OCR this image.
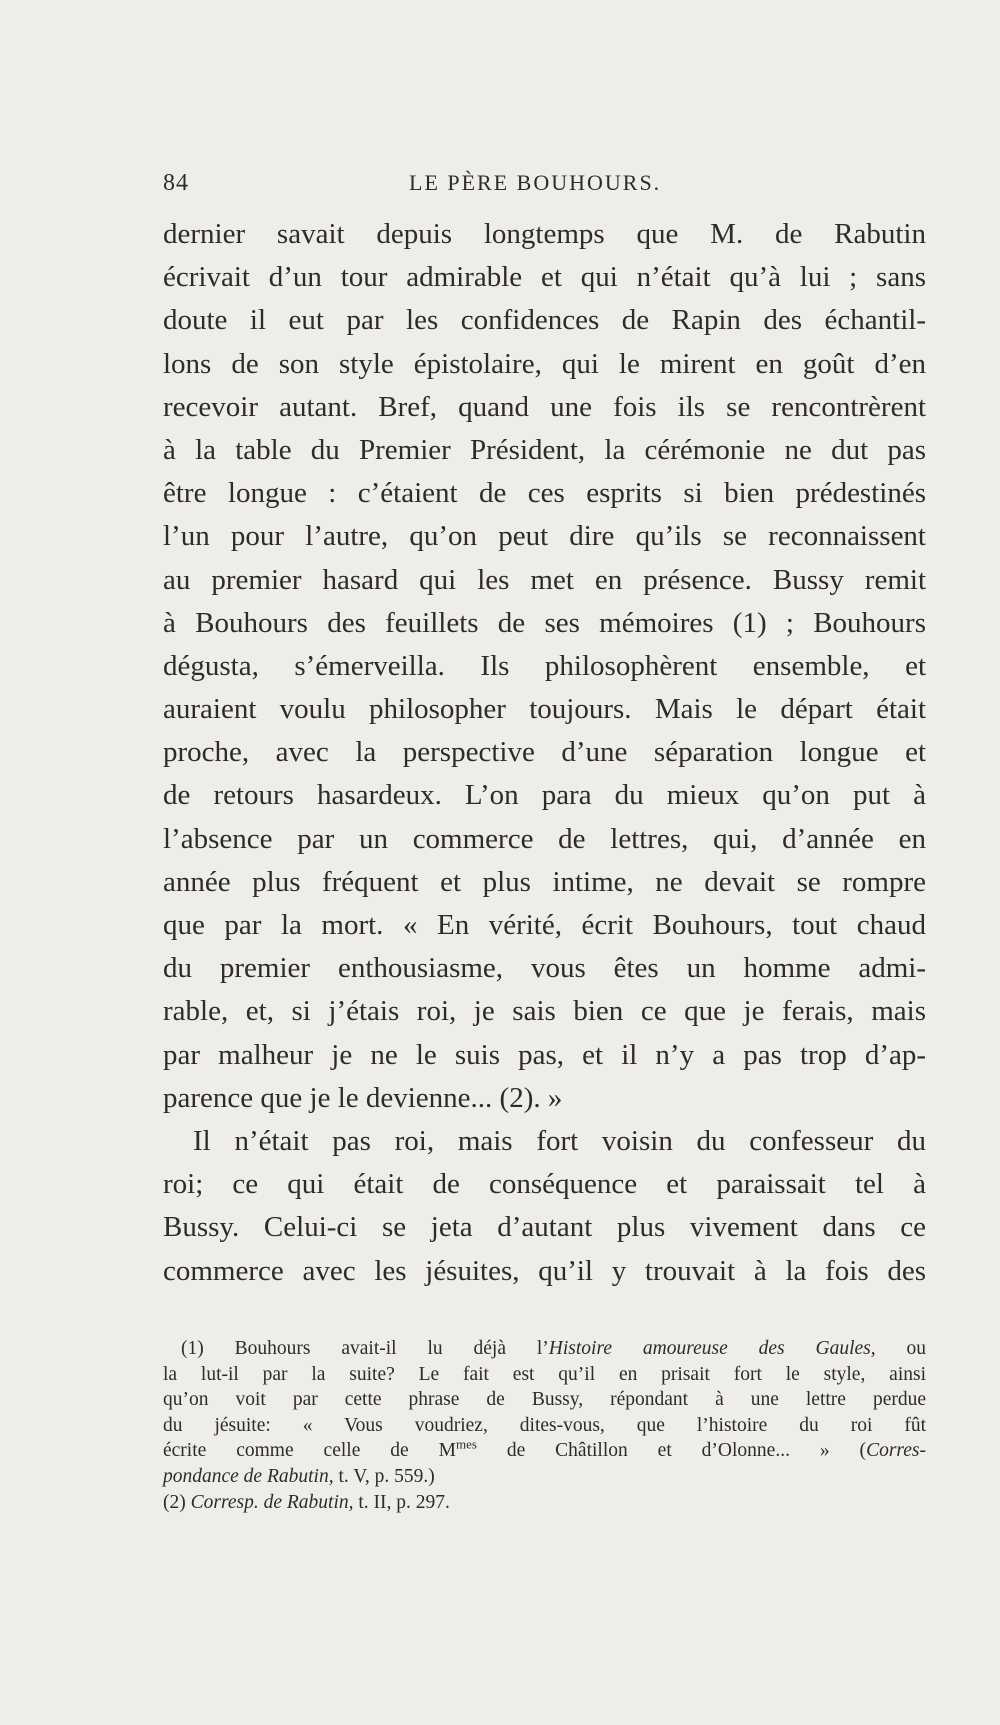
84	LE PÈRE BOUHOURS.
dernier savait depuis longtemps que M. de Rabutin
écrivait d’un tour admirable et qui n’était qu’à lui ; sans
doute il eut par les confidences de Rapin des échantil-
lons de son style épistolaire, qui le mirent en goût d’en
recevoir autant. Bref, quand une fois ils se rencontrèrent
à la table du Premier Président, la cérémonie ne dut pas
être longue : c’étaient de ces esprits si bien prédestinés
l’un pour l’autre, qu’on peut dire qu’ils se reconnaissent
au premier hasard qui les met en présence. Bussy remit
à Bouhours des feuillets de ses mémoires (1) ; Bouhours
dégusta, s’émerveilla. Ils philosophèrent ensemble, et
auraient voulu philosopher toujours. Mais le départ était
proche, avec la perspective d’une séparation longue et
de retours hasardeux. L’on para du mieux qu’on put à
l’absence par un commerce de lettres, qui, d’année en
année plus fréquent et plus intime, ne devait se rompre
que par la mort. « En vérité, écrit Bouhours, tout chaud
du premier enthousiasme, vous êtes un homme admi-
rable, et, si j’étais roi, je sais bien ce que je ferais, mais
par malheur je ne le suis pas, et il n’y a pas trop d’ap-
parence que je le devienne... (2). »
Il n’était pas roi, mais fort voisin du confesseur du
roi; ce qui était de conséquence et paraissait tel à
Bussy. Celui-ci se jeta d’autant plus vivement dans ce
commerce avec les jésuites, qu’il y trouvait à la fois des
(1) Bouhours avait-il lu déjà l’Histoire amoureuse des Gaules, ou
la lut-il par la suite? Le fait est qu’il en prisait fort le style, ainsi
qu’on voit par cette phrase de Bussy, répondant à une lettre perdue
du jésuite: « Vous voudriez, dites-vous, que l’histoire du roi fût
écrite comme celle de $M^{mes}$ de Châtillon et d’Olonne... » (Corres-
pondance de Rabutin, t. V, p. 559.)
(2) Corresp. de Rabutin, t. II, p. 297.
